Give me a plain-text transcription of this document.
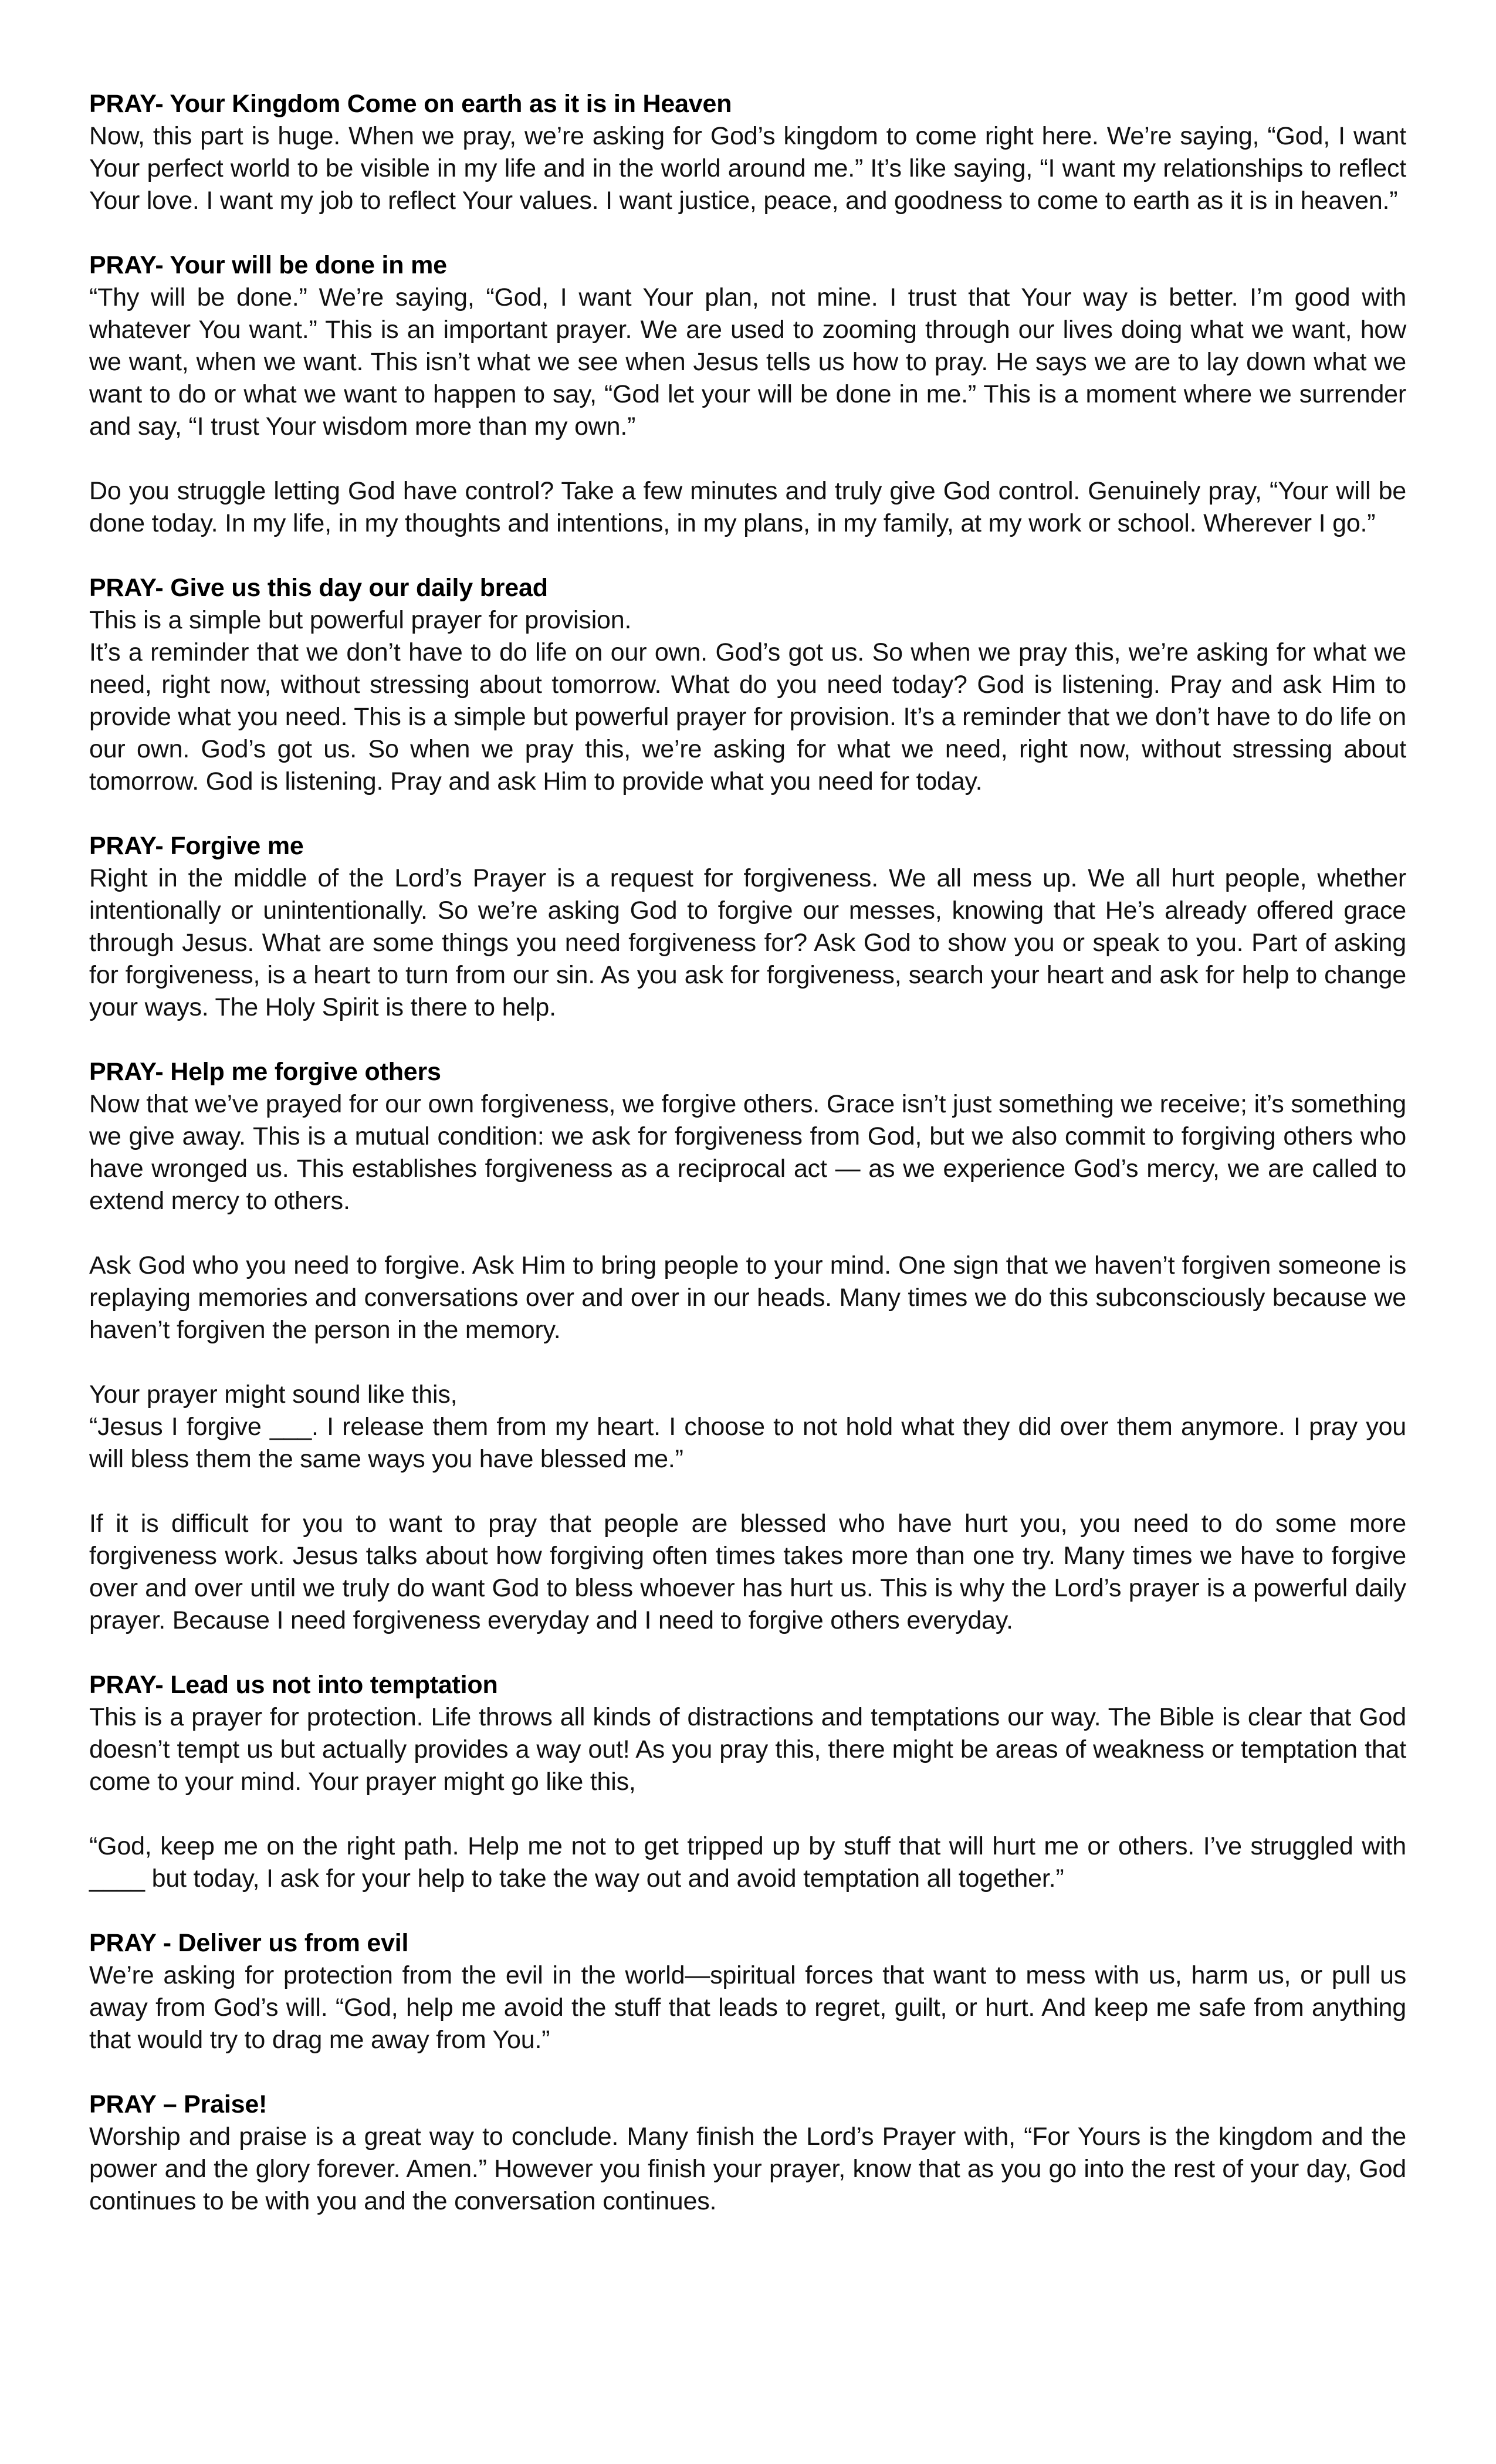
PRAY- Your Kingdom Come on earth as it is in Heaven

Now, this part is huge. When we pray, we’re asking for God’s kingdom to come right here. We’re saying, “God, I want Your perfect world to be visible in my life and in the world around me.” It’s like saying, “I want my relationships to reflect Your love. I want my job to reflect Your values. I want justice, peace, and goodness to come to earth as it is in heaven.”

PRAY- Your will be done in me

“Thy will be done.” We’re saying, “God, I want Your plan, not mine. I trust that Your way is better. I’m good with whatever You want.” This is an important prayer. We are used to zooming through our lives doing what we want, how we want, when we want. This isn’t what we see when Jesus tells us how to pray. He says we are to lay down what we want to do or what we want to happen to say, “God let your will be done in me.” This is a moment where we surrender and say, “I trust Your wisdom more than my own.”

Do you struggle letting God have control? Take a few minutes and truly give God control. Genuinely pray, “Your will be done today. In my life, in my thoughts and intentions, in my plans, in my family, at my work or school. Wherever I go.”

PRAY- Give us this day our daily bread

This is a simple but powerful prayer for provision.

It’s a reminder that we don’t have to do life on our own. God’s got us. So when we pray this, we’re asking for what we need, right now, without stressing about tomorrow. What do you need today? God is listening. Pray and ask Him to provide what you need. This is a simple but powerful prayer for provision. It’s a reminder that we don’t have to do life on our own. God’s got us. So when we pray this, we’re asking for what we need, right now, without stressing about tomorrow. God is listening. Pray and ask Him to provide what you need for today.

PRAY- Forgive me

Right in the middle of the Lord’s Prayer is a request for forgiveness. We all mess up. We all hurt people, whether intentionally or unintentionally. So we’re asking God to forgive our messes, knowing that He’s already offered grace through Jesus. What are some things you need forgiveness for? Ask God to show you or speak to you. Part of asking for forgiveness, is a heart to turn from our sin. As you ask for forgiveness, search your heart and ask for help to change your ways. The Holy Spirit is there to help.

PRAY- Help me forgive others

Now that we’ve prayed for our own forgiveness, we forgive others. Grace isn’t just something we receive; it’s something we give away. This is a mutual condition: we ask for forgiveness from God, but we also commit to forgiving others who have wronged us. This establishes forgiveness as a reciprocal act — as we experience God’s mercy, we are called to extend mercy to others.

Ask God who you need to forgive. Ask Him to bring people to your mind. One sign that we haven’t forgiven someone is replaying memories and conversations over and over in our heads. Many times we do this subconsciously because we haven’t forgiven the person in the memory.

Your prayer might sound like this,

“Jesus I forgive ___. I release them from my heart. I choose to not hold what they did over them anymore. I pray you will bless them the same ways you have blessed me.”

If it is difficult for you to want to pray that people are blessed who have hurt you, you need to do some more forgiveness work. Jesus talks about how forgiving often times takes more than one try. Many times we have to forgive over and over until we truly do want God to bless whoever has hurt us. This is why the Lord’s prayer is a powerful daily prayer. Because I need forgiveness everyday and I need to forgive others everyday.

PRAY- Lead us not into temptation

This is a prayer for protection. Life throws all kinds of distractions and temptations our way. The Bible is clear that God doesn’t tempt us but actually provides a way out! As you pray this, there might be areas of weakness or temptation that come to your mind. Your prayer might go like this,

“God, keep me on the right path. Help me not to get tripped up by stuff that will hurt me or others. I’ve struggled with ____ but today, I ask for your help to take the way out and avoid temptation all together.”

PRAY - Deliver us from evil

We’re asking for protection from the evil in the world—spiritual forces that want to mess with us, harm us, or pull us away from God’s will. “God, help me avoid the stuff that leads to regret, guilt, or hurt. And keep me safe from anything that would try to drag me away from You.”

PRAY – Praise!

Worship and praise is a great way to conclude. Many finish the Lord’s Prayer with, “For Yours is the kingdom and the power and the glory forever. Amen.” However you finish your prayer, know that as you go into the rest of your day, God continues to be with you and the conversation continues.
